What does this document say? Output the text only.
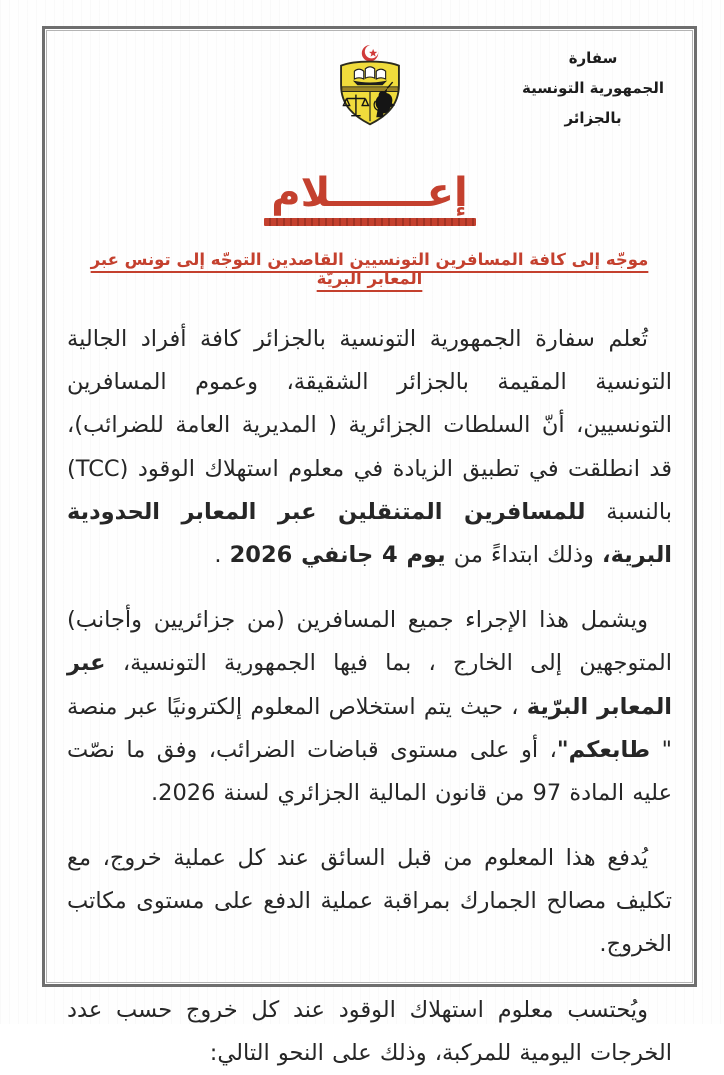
سفارة
الجمهورية التونسية
بالجزائر
إعـــــــلام
موجّه إلى كافة المسافرين التونسيين القاصدين التوجّه إلى تونس عبر المعابر البريّة

تُعلم سفارة الجمهورية التونسية بالجزائر كافة أفراد الجالية التونسية المقيمة بالجزائر الشقيقة، وعموم المسافرين التونسيين، أنّ السلطات الجزائرية ( المديرية العامة للضرائب)، قد انطلقت في تطبيق الزيادة في معلوم استهلاك الوقود (TCC) بالنسبة للمسافرين المتنقلين عبر المعابر الحدودية البرية، وذلك ابتداءً من يوم 4 جانفي 2026 .

ويشمل هذا الإجراء جميع المسافرين (من جزائريين وأجانب) المتوجهين إلى الخارج ، بما فيها الجمهورية التونسية، عبر المعابر البرّية ، حيث يتم استخلاص المعلوم إلكترونيًا عبر منصة " طابعكم"، أو على مستوى قباضات الضرائب، وفق ما نصّت عليه المادة 97 من قانون المالية الجزائري لسنة 2026.

يُدفع هذا المعلوم من قبل السائق عند كل عملية خروج، مع تكليف مصالح الجمارك بمراقبة عملية الدفع على مستوى مكاتب الخروج.

ويُحتسب معلوم استهلاك الوقود عند كل خروج حسب عدد الخرجات اليومية للمركبة، وذلك على النحو التالي:
